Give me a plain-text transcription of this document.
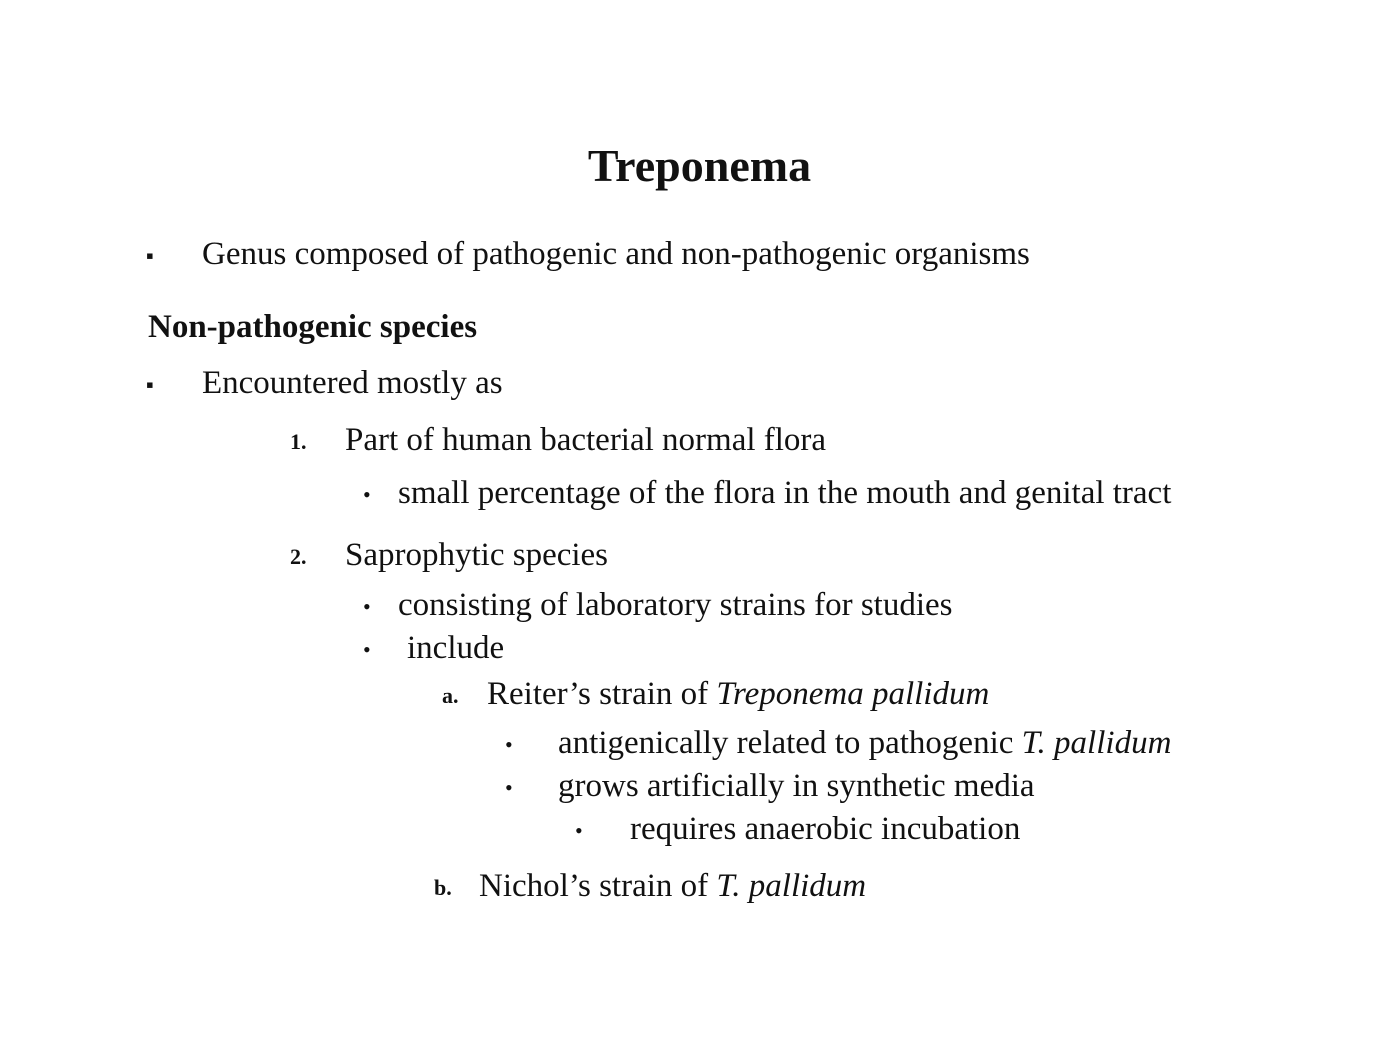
Treponema
▪ Genus composed of pathogenic and non-pathogenic organisms
Non-pathogenic species
▪ Encountered mostly as
1. Part of human bacterial normal flora
• small percentage of the flora in the mouth and genital tract
2. Saprophytic species
• consisting of laboratory strains for studies
• include
a. Reiter’s strain of Treponema pallidum
• antigenically related to pathogenic T. pallidum
• grows artificially in synthetic media
• requires anaerobic incubation
b. Nichol’s strain of T. pallidum
